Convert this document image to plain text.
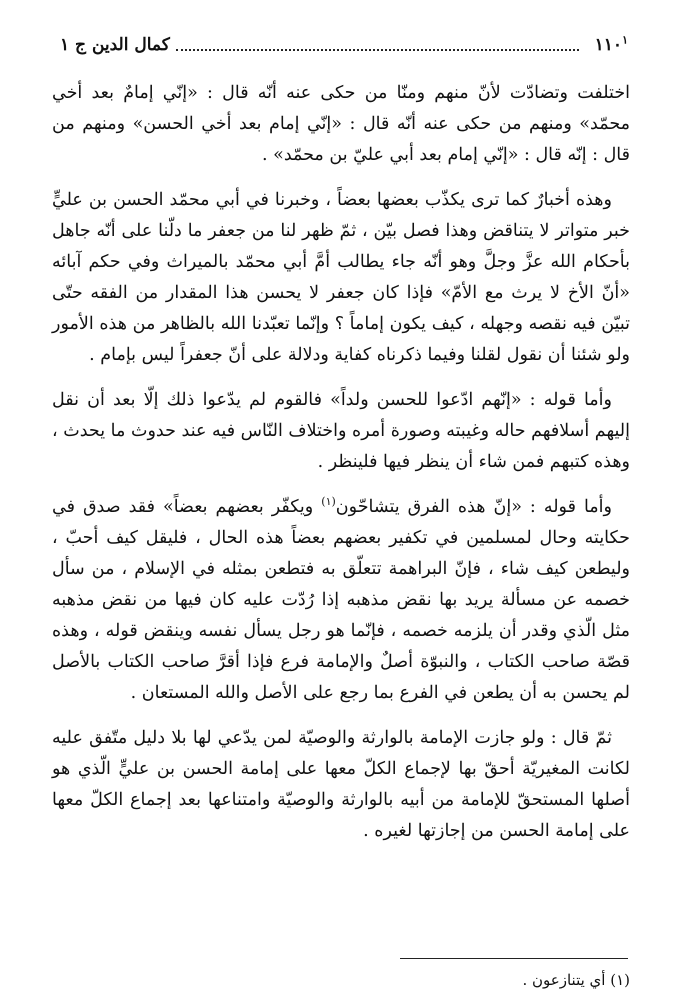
١١٠$^١$
كمال الدين ج ١

اختلفت وتضادّت لأنّ منهم ومنّا من حكى عنه أنّه قال : «إنّي إمامٌ بعد أخي محمّد» ومنهم من حكى عنه أنّه قال : «إنّي إمام بعد أخي الحسن» ومنهم من قال : إنّه قال : «إنّي إمام بعد أبي عليّ بن محمّد» .

وهذه أخبارٌ كما ترى يكذّب بعضها بعضاً ، وخبرنا في أبي محمّد الحسن بن عليٍّ خبر متواتر لا يتناقض وهذا فصل بيّن ، ثمّ ظهر لنا من جعفر ما دلّنا على أنّه جاهل بأحكام الله عزَّ وجلَّ وهو أنّه جاء يطالب أمَّ أبي محمّد بالميراث وفي حكم آبائه «أنّ الأخ لا يرث مع الأمّ» فإذا كان جعفر لا يحسن هذا المقدار من الفقه حتّى تبيّن فيه نقصه وجهله ، كيف يكون إماماً ؟ وإنّما تعبّدنا الله بالظاهر من هذه الأمور ولو شئنا أن نقول لقلنا وفيما ذكرناه كفاية ودلالة على أنّ جعفراً ليس بإمام .

وأما قوله : «إنّهم ادّعوا للحسن ولداً» فالقوم لم يدّعوا ذلك إلّا بعد أن نقل إليهم أسلافهم حاله وغيبته وصورة أمره واختلاف النّاس فيه عند حدوث ما يحدث ، وهذه كتبهم فمن شاء أن ينظر فيها فلينظر .

وأما قوله : «إنّ هذه الفرق يتشاحّون$^{(١)}$ ويكفّر بعضهم بعضاً» فقد صدق في حكايته وحال لمسلمين في تكفير بعضهم بعضاً هذه الحال ، فليقل كيف أحبّ ، وليطعن كيف شاء ، فإنّ البراهمة تتعلّق به فتطعن بمثله في الإسلام ، من سأل خصمه عن مسألة يريد بها نقض مذهبه إذا رُدّت عليه كان فيها من نقض مذهبه مثل الّذي وقدر أن يلزمه خصمه ، فإنّما هو رجل يسأل نفسه وينقض قوله ، وهذه قصّة صاحب الكتاب ، والنبوّة أصلٌ والإمامة فرع فإذا أقرَّ صاحب الكتاب بالأصل لم يحسن به أن يطعن في الفرع بما رجع على الأصل والله المستعان .

ثمّ قال : ولو جازت الإمامة بالوارثة والوصيّة لمن يدّعي لها بلا دليل متّفق عليه لكانت المغيريّة أحقّ بها لإجماع الكلّ معها على إمامة الحسن بن عليٍّ الّذي هو أصلها المستحقّ للإمامة من أبيه بالوارثة والوصيّة وامتناعها بعد إجماع الكلّ معها على إمامة الحسن من إجازتها لغيره .

(١) أي يتنازعون .
